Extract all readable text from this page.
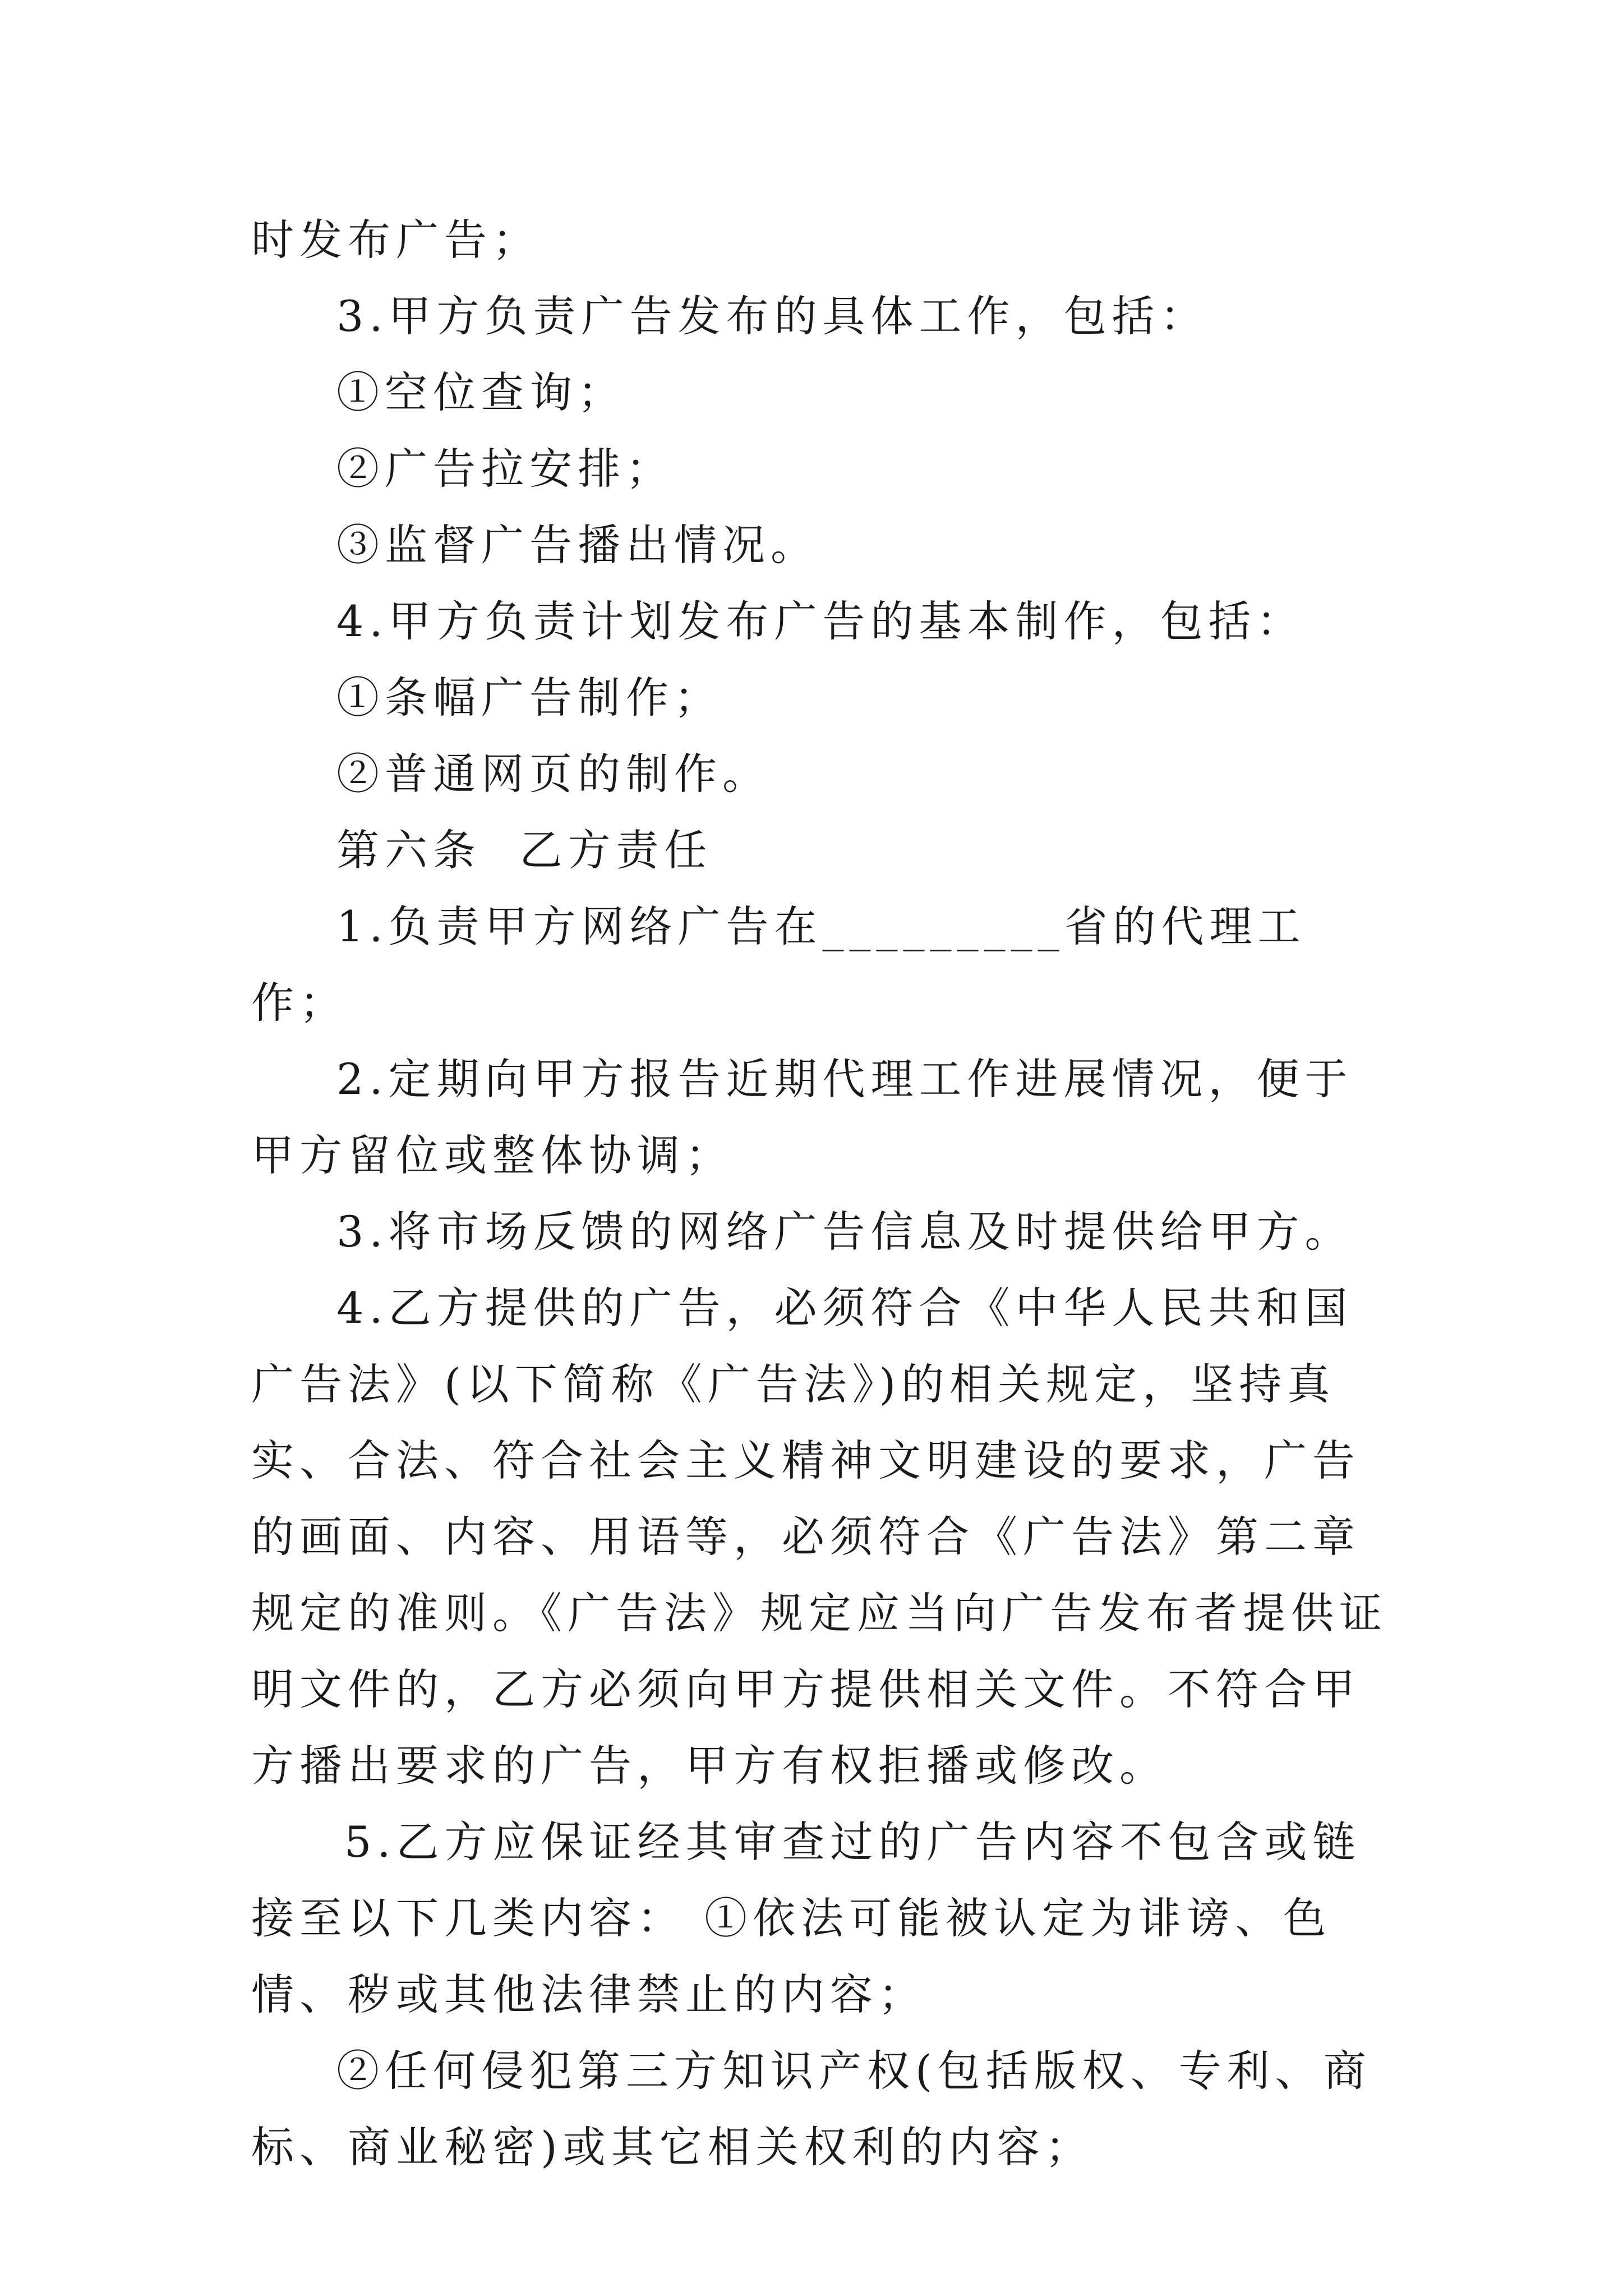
时发布广告；

3.甲方负责广告发布的具体工作，包括：

①空位查询；

②广告拉安排；

③监督广告播出情况。

4.甲方负责计划发布广告的基本制作，包括：

①条幅广告制作；

②普通网页的制作。

第六条  乙方责任

1.负责甲方网络广告在_________省的代理工作；

2.定期向甲方报告近期代理工作进展情况，便于甲方留位或整体协调；

3.将市场反馈的网络广告信息及时提供给甲方。

4.乙方提供的广告，必须符合《中华人民共和国广告法》(以下简称《广告法》)的相关规定，坚持真实、合法、符合社会主义精神文明建设的要求，广告的画面、内容、用语等，必须符合《广告法》第二章规定的准则。《广告法》规定应当向广告发布者提供证明文件的，乙方必须向甲方提供相关文件。不符合甲方播出要求的广告，甲方有权拒播或修改。

5.乙方应保证经其审查过的广告内容不包含或链接至以下几类内容： ①依法可能被认定为诽谤、色情、秽或其他法律禁止的内容；

②任何侵犯第三方知识产权(包括版权、专利、商标、商业秘密)或其它相关权利的内容；
